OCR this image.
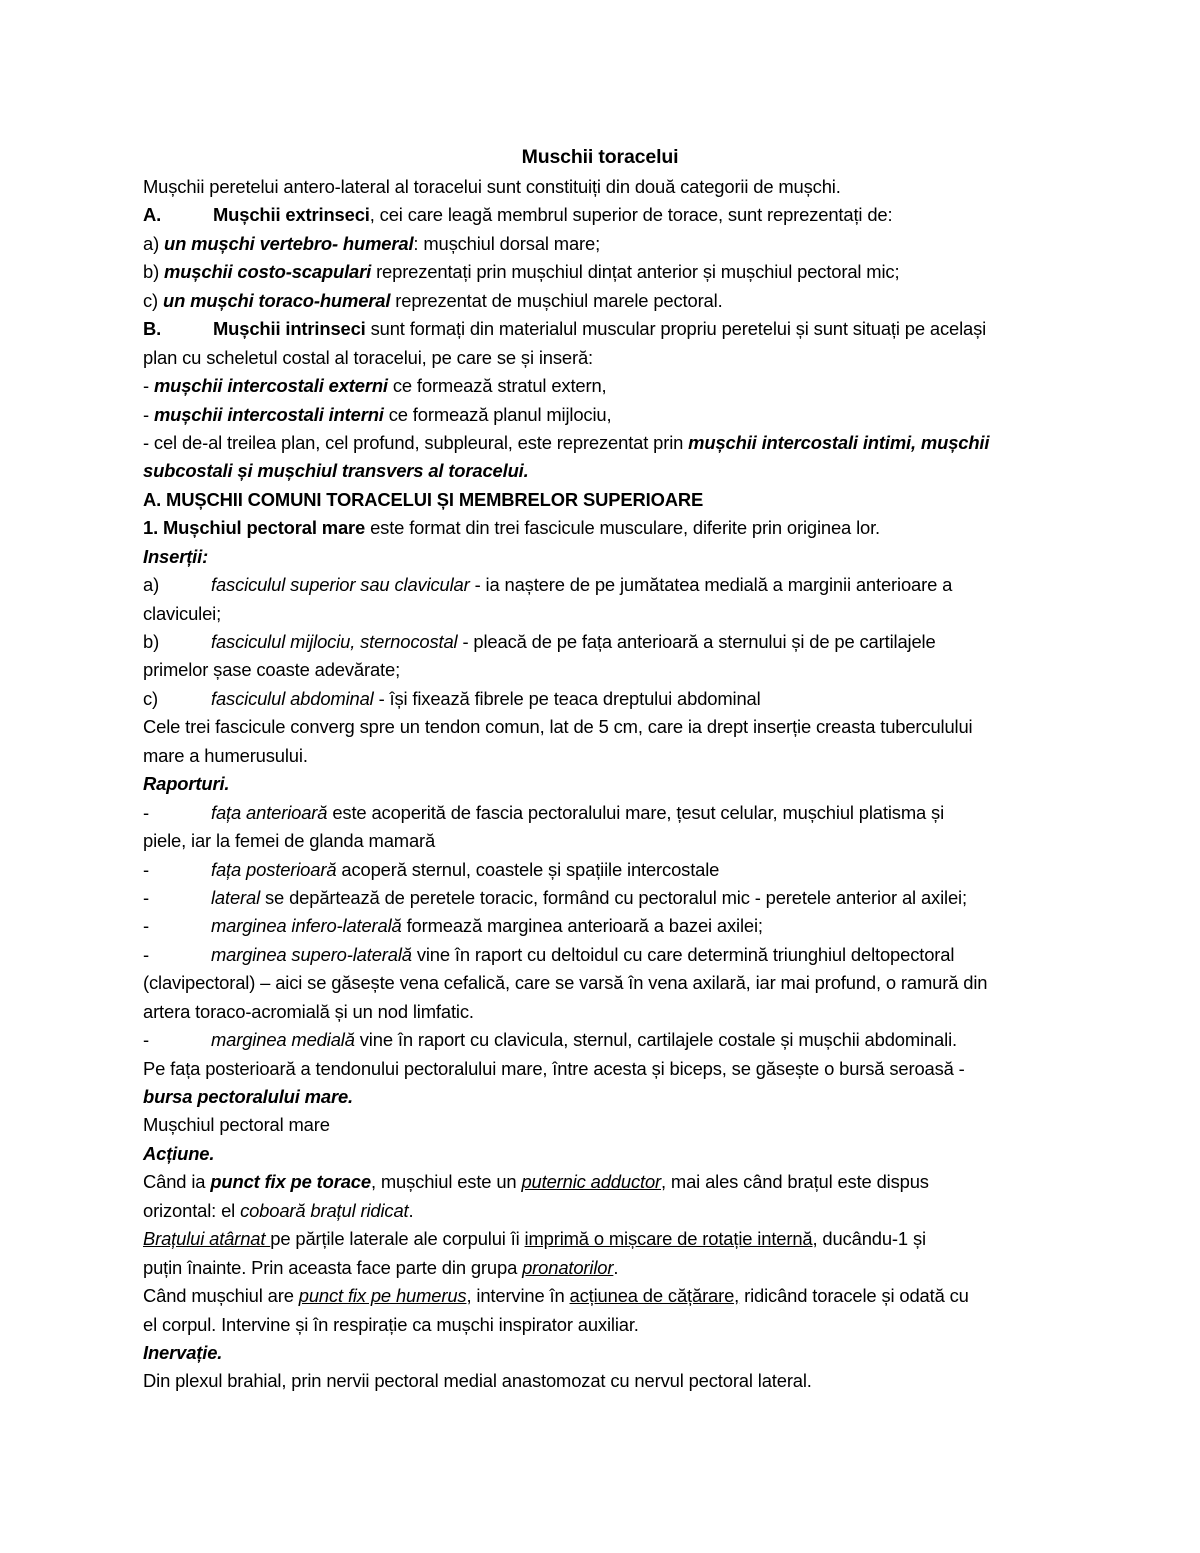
Muschii toracelui
Mușchii peretelui antero-lateral al toracelui sunt constituiți din două categorii de mușchi.
A.	Mușchii extrinseci, cei care leagă membrul superior de torace, sunt reprezentați de:
a) un mușchi vertebro- humeral: mușchiul dorsal mare;
b) mușchii costo-scapulari reprezentați prin mușchiul dințat anterior și mușchiul pectoral mic;
c) un mușchi toraco-humeral reprezentat de mușchiul marele pectoral.
B.	Mușchii intrinseci sunt formați din materialul muscular propriu peretelui și sunt situați pe același
plan cu scheletul costal al toracelui, pe care se și inseră:
- mușchii intercostali externi ce formează stratul extern,
- mușchii intercostali interni ce formează planul mijlociu,
- cel de-al treilea plan, cel profund, subpleural, este reprezentat prin mușchii intercostali intimi, mușchii
subcostali și mușchiul transvers al toracelui.
A. MUȘCHII COMUNI TORACELUI ȘI MEMBRELOR SUPERIOARE
1. Mușchiul pectoral mare este format din trei fascicule musculare, diferite prin originea lor.
Inserții:
a)	fasciculul superior sau clavicular - ia naștere de pe jumătatea medială a marginii anterioare a
claviculei;
b)	fasciculul mijlociu, sternocostal - pleacă de pe fața anterioară a sternului și de pe cartilajele
primelor șase coaste adevărate;
c)	fasciculul abdominal - își fixează fibrele pe teaca dreptului abdominal
Cele trei fascicule converg spre un tendon comun, lat de 5 cm, care ia drept inserție creasta tuberculului
mare a humerusului.
Raporturi.
-	fața anterioară este acoperită de fascia pectoralului mare, țesut celular, mușchiul platisma și
piele, iar la femei de glanda mamară
-	fața posterioară acoperă sternul, coastele și spațiile intercostale
-	lateral se depărtează de peretele toracic, formând cu pectoralul mic - peretele anterior al axilei;
-	marginea infero-laterală formează marginea anterioară a bazei axilei;
-	marginea supero-laterală vine în raport cu deltoidul cu care determină triunghiul deltopectoral
(clavipectoral) – aici se găsește vena cefalică, care se varsă în vena axilară, iar mai profund, o ramură din
artera toraco-acromială și un nod limfatic.
-	marginea medială vine în raport cu clavicula, sternul, cartilajele costale și mușchii abdominali.
Pe fața posterioară a tendonului pectoralului mare, între acesta și biceps, se găsește o bursă seroasă -
bursa pectoralului mare.
Mușchiul pectoral mare
Acțiune.
Când ia punct fix pe torace, mușchiul este un puternic adductor, mai ales când brațul este dispus
orizontal: el coboară brațul ridicat.
Brațului atârnat pe părțile laterale ale corpului îi imprimă o mișcare de rotație internă, ducându-1 și
puțin înainte. Prin aceasta face parte din grupa pronatorilor.
Când mușchiul are punct fix pe humerus, intervine în acțiunea de cățărare, ridicând toracele și odată cu
el corpul. Intervine și în respirație ca mușchi inspirator auxiliar.
Inervație.
Din plexul brahial, prin nervii pectoral medial anastomozat cu nervul pectoral lateral.
